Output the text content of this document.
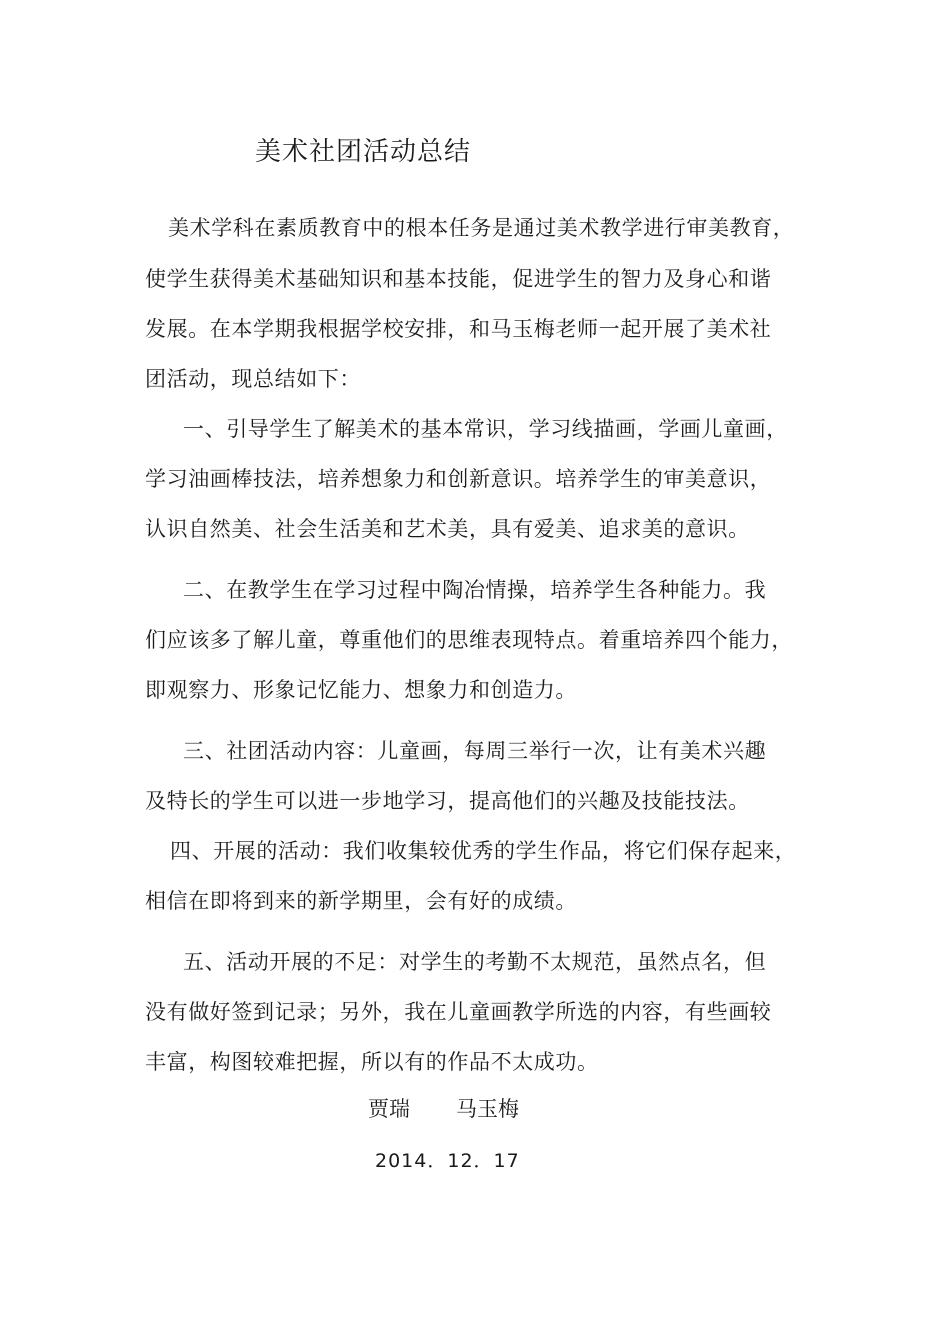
美术社团活动总结
美术学科在素质教育中的根本任务是通过美术教学进行审美教育，
使学生获得美术基础知识和基本技能，促进学生的智力及身心和谐
发展。在本学期我根据学校安排，和马玉梅老师一起开展了美术社
团活动，现总结如下：
一、引导学生了解美术的基本常识，学习线描画，学画儿童画，
学习油画棒技法，培养想象力和创新意识。培养学生的审美意识，
认识自然美、社会生活美和艺术美，具有爱美、追求美的意识。
二、在教学生在学习过程中陶冶情操，培养学生各种能力。我
们应该多了解儿童，尊重他们的思维表现特点。着重培养四个能力，
即观察力、形象记忆能力、想象力和创造力。
三、社团活动内容：儿童画，每周三举行一次，让有美术兴趣
及特长的学生可以进一步地学习，提高他们的兴趣及技能技法。
四、开展的活动：我们收集较优秀的学生作品，将它们保存起来，
相信在即将到来的新学期里，会有好的成绩。
五、活动开展的不足：对学生的考勤不太规范，虽然点名，但
没有做好签到记录；另外，我在儿童画教学所选的内容，有些画较
丰富，构图较难把握，所以有的作品不太成功。
贾瑞 马玉梅
2014．12．17
